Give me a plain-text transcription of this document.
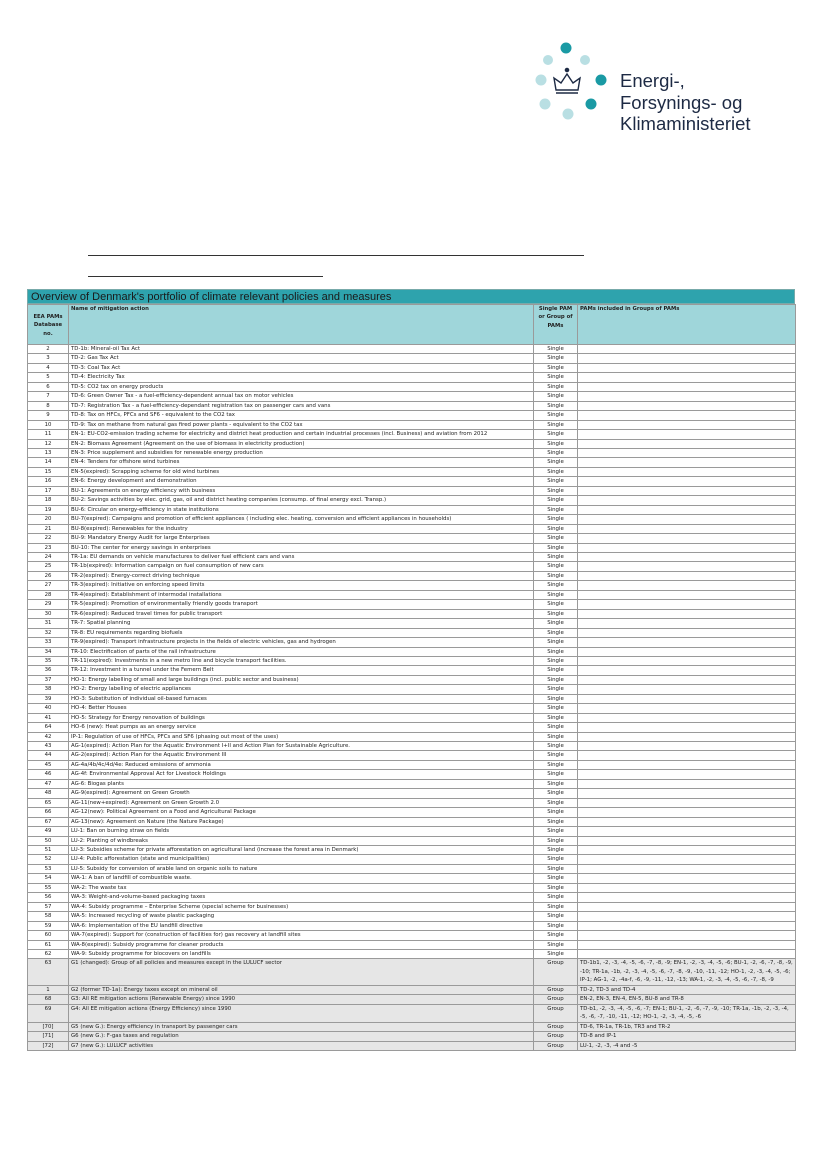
Energi-,
Forsynings- og
Klimaministeriet
Overview of Denmark's portfolio of climate relevant policies and measures
EEA PAMs Database no.	Name of mitigation action	Single PAM or Group of PAMs	PAMs included in Groups of PAMs
2	TD-1b: Mineral-oil Tax Act	Single	
3	TD-2: Gas Tax Act	Single	
4	TD-3: Coal Tax Act	Single	
5	TD-4: Electricity Tax	Single	
6	TD-5: CO2 tax on energy products	Single	
7	TD-6: Green Owner Tax - a fuel-efficiency-dependent annual tax on motor vehicles	Single	
8	TD-7: Registration Tax - a fuel-efficiency-dependant registration tax on passenger cars and vans	Single	
9	TD-8: Tax on HFCs, PFCs and SF6 - equivalent to the CO2 tax	Single	
10	TD-9: Tax on methane from natural gas fired power plants - equivalent to the CO2 tax	Single	
11	EN-1: EU-CO2-emission trading scheme for electricity and district heat production and certain industrial processes (incl. Business) and aviation from 2012	Single	
12	EN-2: Biomass Agreement (Agreement on the use of biomass in electricity production)	Single	
13	EN-3: Price supplement and subsidies for renewable energy production	Single	
14	EN-4: Tenders for offshore wind turbines	Single	
15	EN-5(expired): Scrapping scheme for old wind turbines	Single	
16	EN-6: Energy development and demonstration	Single	
17	BU-1: Agreements on energy efficiency with business	Single	
18	BU-2: Savings activities by elec. grid, gas, oil and district heating companies (consump. of final energy excl. Transp.)	Single	
19	BU-6: Circular on energy-efficiency in state institutions	Single	
20	BU-7(expired): Campaigns and promotion of efficient appliances ( including elec. heating, conversion and efficient appliances in households)	Single	
21	BU-8(expired): Renewables for the industry	Single	
22	BU-9: Mandatory Energy Audit for large Enterprises	Single	
23	BU-10: The center for energy savings in enterprises	Single	
24	TR-1a: EU demands on vehicle manufactures to deliver fuel efficient cars and vans	Single	
25	TR-1b(expired): Information campaign on fuel consumption of new cars	Single	
26	TR-2(expired): Energy-correct driving technique	Single	
27	TR-3(expired): Initiative on enforcing speed limits	Single	
28	TR-4(expired): Establishment of intermodal installations	Single	
29	TR-5(expired): Promotion of environmentally friendly goods transport	Single	
30	TR-6(expired): Reduced travel times for public transport	Single	
31	TR-7: Spatial planning	Single	
32	TR-8: EU requirements regarding biofuels	Single	
33	TR-9(expired): Transport infrastructure projects in the fields of electric vehicles, gas and hydrogen	Single	
34	TR-10: Electrification of parts of the rail infrastructure	Single	
35	TR-11(expired): Investments in a new metro line and bicycle transport facilities.	Single	
36	TR-12: Investment in a tunnel under the Femern Belt	Single	
37	HO-1: Energy labelling of small and large buildings (incl. public sector and business)	Single	
38	HO-2: Energy labelling of electric appliances	Single	
39	HO-3: Substitution of individual oil-based furnaces	Single	
40	HO-4: Better Houses	Single	
41	HO-5: Strategy for Energy renovation of buildings	Single	
64	HO-6 (new): Heat pumps as an energy service	Single	
42	IP-1: Regulation of use of HFCs, PFCs and SF6 (phasing out most of the uses)	Single	
43	AG-1(expired): Action Plan for the Aquatic Environment I+II and Action Plan for Sustainable Agriculture.	Single	
44	AG-2(expired): Action Plan for the Aquatic Environment III	Single	
45	AG-4a/4b/4c/4d/4e: Reduced emissions of ammonia	Single	
46	AG-4f: Environmental Approval Act for Livestock Holdings	Single	
47	AG-6: Biogas plants	Single	
48	AG-9(expired): Agreement on Green Growth	Single	
65	AG-11(new+expired): Agreement on Green Growth 2.0	Single	
66	AG-12(new): Political Agreement on a Food and Agricultural Package	Single	
67	AG-13(new): Agreement on Nature (the Nature Package)	Single	
49	LU-1: Ban on burning straw on fields	Single	
50	LU-2: Planting of windbreaks	Single	
51	LU-3: Subsidies scheme for private afforestation on agricultural land (increase the forest area in Denmark)	Single	
52	LU-4: Public afforestation (state and municipalities)	Single	
53	LU-5: Subsidy for conversion of arable land on organic soils to nature	Single	
54	WA-1: A ban of landfill of combustible waste.	Single	
55	WA-2: The waste tax	Single	
56	WA-3: Weight-and-volume-based packaging taxes	Single	
57	WA-4: Subsidy programme – Enterprise Scheme (special scheme for businesses)	Single	
58	WA-5: Increased recycling of waste plastic packaging	Single	
59	WA-6: Implementation of the EU landfill directive	Single	
60	WA-7(expired): Support for (construction of facilities for) gas recovery at landfill sites	Single	
61	WA-8(expired): Subsidy programme for cleaner products	Single	
62	WA-9: Subsidy programme for biocovers on landfills	Single	
63	G1 (changed): Group of all policies and measures except in the LULUCF sector	Group	TD-1b1, -2, -3, -4, -5, -6, -7, -8, -9; EN-1, -2, -3, -4, -5, -6; BU-1, -2, -6, -7, -8, -9, -10; TR-1a, -1b, -2, -3, -4, -5, -6, -7, -8, -9, -10, -11, -12; HO-1, -2, -3, -4, -5, -6; IP-1; AG-1, -2, -4a-f, -6, -9, -11, -12, -13; WA-1, -2, -3, -4, -5, -6, -7, -8, -9
1	G2 (former TD-1a): Energy taxes except on mineral oil	Group	TD-2, TD-3 and TD-4
68	G3: All RE mitigation actions (Renewable Energy) since 1990	Group	EN-2, EN-3, EN-4, EN-5, BU-8 and TR-8
69	G4: All EE mitigation actions (Energy Efficiency) since 1990	Group	TD-b1, -2, -3, -4, -5, -6, -7; EN-1; BU-1, -2, -6, -7, -9, -10; TR-1a, -1b, -2, -3, -4, -5, -6, -7, -10, -11, -12; HO-1, -2, -3, -4, -5, -6
[70]	G5 (new G.): Energy efficiency in transport by passenger cars	Group	TD-6, TR-1a, TR-1b, TR3 and TR-2
[71]	G6 (new G.): F-gas taxes and regulation	Group	TD-8 and IP-1
[72]	G7 (new G.): LULUCF activities	Group	LU-1, -2, -3, -4 and -5
